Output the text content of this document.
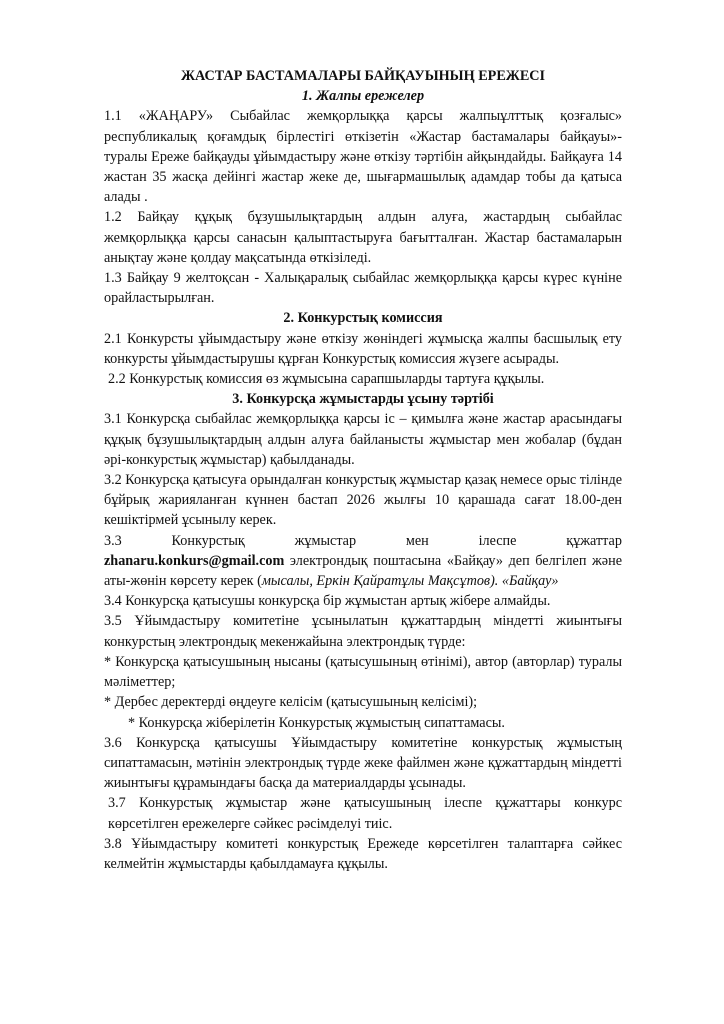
ЖАСТАР БАСТАМАЛАРЫ БАЙҚАУЫНЫҢ ЕРЕЖЕСІ
1. Жалпы ережелер
1.1 «ЖАҢАРУ» Сыбайлас жемқорлыққа қарсы жалпыұлттық қозғалыс» республикалық қоғамдық бірлестігі өткізетін «Жастар бастамалары байқауы»- туралы Ереже байқауды ұйымдастыру және өткізу тәртібін айқындайды. Байқауға 14 жастан 35 жасқа дейінгі жастар жеке де, шығармашылық адамдар тобы да қатыса алады .
1.2 Байқау құқық бұзушылықтардың алдын алуға, жастардың сыбайлас жемқорлыққа қарсы санасын қалыптастыруға бағытталған. Жастар бастамаларын анықтау және қолдау мақсатында өткізіледі.
1.3 Байқау 9 желтоқсан - Халықаралық сыбайлас жемқорлыққа қарсы күрес күніне орайластырылған.
2. Конкурстық комиссия
2.1 Конкурсты ұйымдастыру және өткізу жөніндегі жұмысқа жалпы басшылық ету конкурсты ұйымдастырушы құрған Конкурстық комиссия жүзеге асырады.
2.2 Конкурстық комиссия өз жұмысына сарапшыларды тартуға құқылы.
3. Конкурсқа жұмыстарды ұсыну тәртібі
3.1 Конкурсқа сыбайлас жемқорлыққа қарсы іс – қимылға және жастар арасындағы құқық бұзушылықтардың алдын алуға байланысты жұмыстар мен жобалар (бұдан әрі-конкурстық жұмыстар) қабылданады.
3.2 Конкурсқа қатысуға орындалған конкурстық жұмыстар қазақ немесе орыс тілінде бұйрық жарияланған күннен бастап 2026 жылғы 10 қарашада сағат 18.00-ден кешіктірмей ұсынылу керек.
3.3	Конкурстық	жұмыстар	мен	ілеспе	құжаттар
zhanaru.konkurs@gmail.com электрондық поштасына «Байқау» деп белгілеп және аты-жөнін көрсету керек (мысалы, Еркін Қайратұлы Мақсұтов). «Байқау»
3.4 Конкурсқа қатысушы конкурсқа бір жұмыстан артық жібере алмайды.
3.5 Ұйымдастыру комитетіне ұсынылатын құжаттардың міндетті жиынтығы конкурстың электрондық мекенжайына электрондық түрде:
* Конкурсқа қатысушының нысаны (қатысушының өтінімі), автор (авторлар) туралы мәліметтер;
* Дербес деректерді өңдеуге келісім (қатысушының келісімі);
* Конкурсқа жіберілетін Конкурстық жұмыстың сипаттамасы.
3.6 Конкурсқа қатысушы Ұйымдастыру комитетіне конкурстық жұмыстың сипаттамасын, мәтінін электрондық түрде жеке файлмен және құжаттардың міндетті жиынтығы құрамындағы басқа да материалдарды ұсынады.
3.7 Конкурстық жұмыстар және қатысушының ілеспе құжаттары конкурс көрсетілген ережелерге сәйкес рәсімделуі тиіс.
3.8 Ұйымдастыру комитеті конкурстық Ережеде көрсетілген талаптарға сәйкес келмейтін жұмыстарды қабылдамауға құқылы.
